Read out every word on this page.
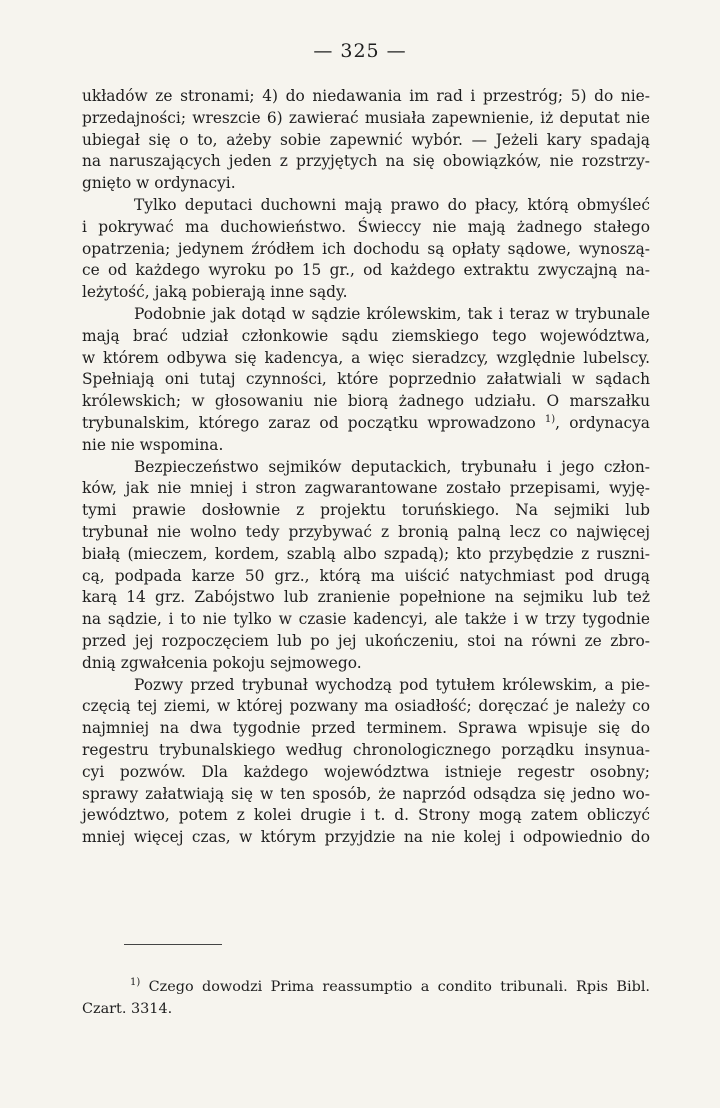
— 325 —
układów ze stronami; 4) do niedawania im rad i przestróg; 5) do nie-
przedajności; wreszcie 6) zawierać musiała zapewnienie, iż deputat nie
ubiegał się o to, ażeby sobie zapewnić wybór. — Jeżeli kary spadają
na naruszających jeden z przyjętych na się obowiązków, nie rozstrzy-
gnięto w ordynacyi.
Tylko deputaci duchowni mają prawo do płacy, którą obmyśleć
i pokrywać ma duchowieństwo. Świeccy nie mają żadnego stałego
opatrzenia; jedynem źródłem ich dochodu są opłaty sądowe, wynoszą-
ce od każdego wyroku po 15 gr., od każdego extraktu zwyczajną na-
leżytość, jaką pobierają inne sądy.
Podobnie jak dotąd w sądzie królewskim, tak i teraz w trybunale
mają brać udział członkowie sądu ziemskiego tego województwa,
w którem odbywa się kadencya, a więc sieradzcy, względnie lubelscy.
Spełniają oni tutaj czynności, które poprzednio załatwiali w sądach
królewskich; w głosowaniu nie biorą żadnego udziału. O marszałku
trybunalskim, którego zaraz od początku wprowadzono $^{1)}$, ordynacya
nie nie wspomina.
Bezpieczeństwo sejmików deputackich, trybunału i jego człon-
ków, jak nie mniej i stron zagwarantowane zostało przepisami, wyję-
tymi prawie dosłownie z projektu toruńskiego. Na sejmiki lub
trybunał nie wolno tedy przybywać z bronią palną lecz co najwięcej
białą (mieczem, kordem, szablą albo szpadą); kto przybędzie z ruszni-
cą, podpada karze 50 grz., którą ma uiścić natychmiast pod drugą
karą 14 grz. Zabójstwo lub zranienie popełnione na sejmiku lub też
na sądzie, i to nie tylko w czasie kadencyi, ale także i w trzy tygodnie
przed jej rozpoczęciem lub po jej ukończeniu, stoi na równi ze zbro-
dnią zgwałcenia pokoju sejmowego.
Pozwy przed trybunał wychodzą pod tytułem królewskim, a pie-
częcią tej ziemi, w której pozwany ma osiadłość; doręczać je należy co
najmniej na dwa tygodnie przed terminem. Sprawa wpisuje się do
regestru trybunalskiego według chronologicznego porządku insynua-
cyi pozwów. Dla każdego województwa istnieje regestr osobny;
sprawy załatwiają się w ten sposób, że naprzód odsądza się jedno wo-
jewództwo, potem z kolei drugie i t. d. Strony mogą zatem obliczyć
mniej więcej czas, w którym przyjdzie na nie kolej i odpowiednio do
$^{1)}$ Czego dowodzi Prima reassumptio a condito tribunali. Rpis Bibl.
Czart. 3314.
